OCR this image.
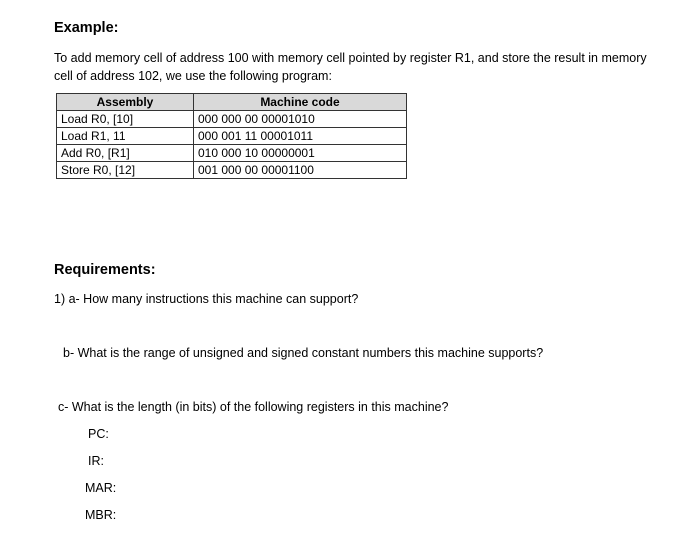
Example:
To add memory cell of address 100 with memory cell pointed by register R1, and store the result in memory cell of address 102, we use the following program:
Assembly	Machine code
Load R0, [10]	000 000 00 00001010
Load R1, 11	000 001 11 00001011
Add R0, [R1]	010 000 10 00000001
Store R0, [12]	001 000 00 00001100
Requirements:
1) a- How many instructions this machine can support?
b- What is the range of unsigned and signed constant numbers this machine supports?
c- What is the length (in bits) of the following registers in this machine?
PC:
IR:
MAR:
MBR:
